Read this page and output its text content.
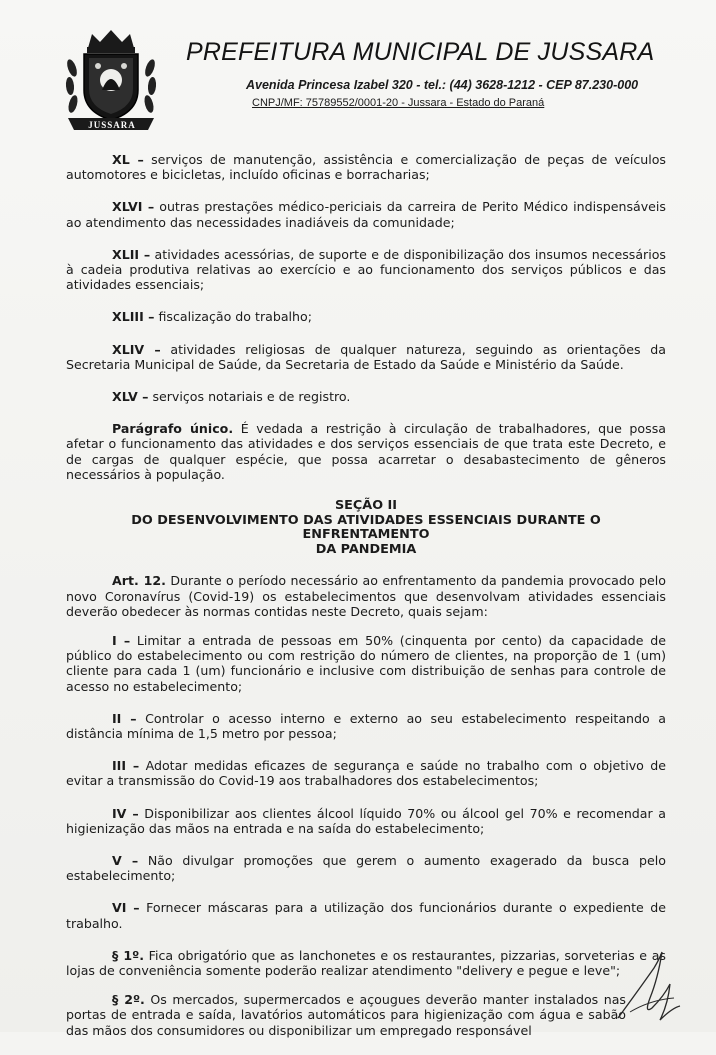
JUSSARA
PREFEITURA MUNICIPAL DE JUSSARA
Avenida Princesa Izabel 320 - tel.: (44) 3628-1212 - CEP 87.230-000
CNPJ/MF: 75789552/0001-20 - Jussara - Estado do Paraná

XL – serviços de manutenção, assistência e comercialização de peças de veículos automotores e bicicletas, incluído oficinas e borracharias;

XLVI – outras prestações médico-periciais da carreira de Perito Médico indispensáveis ao atendimento das necessidades inadiáveis da comunidade;

XLII – atividades acessórias, de suporte e de disponibilização dos insumos necessários à cadeia produtiva relativas ao exercício e ao funcionamento dos serviços públicos e das atividades essenciais;

XLIII – fiscalização do trabalho;

XLIV – atividades religiosas de qualquer natureza, seguindo as orientações da Secretaria Municipal de Saúde, da Secretaria de Estado da Saúde e Ministério da Saúde.

XLV – serviços notariais e de registro.

Parágrafo único. É vedada a restrição à circulação de trabalhadores, que possa afetar o funcionamento das atividades e dos serviços essenciais de que trata este Decreto, e de cargas de qualquer espécie, que possa acarretar o desabastecimento de gêneros necessários à população.

SEÇÃO II
DO DESENVOLVIMENTO DAS ATIVIDADES ESSENCIAIS DURANTE O ENFRENTAMENTO
DA PANDEMIA

Art. 12. Durante o período necessário ao enfrentamento da pandemia provocado pelo novo Coronavírus (Covid-19) os estabelecimentos que desenvolvam atividades essenciais deverão obedecer às normas contidas neste Decreto, quais sejam:

I – Limitar a entrada de pessoas em 50% (cinquenta por cento) da capacidade de público do estabelecimento ou com restrição do número de clientes, na proporção de 1 (um) cliente para cada 1 (um) funcionário e inclusive com distribuição de senhas para controle de acesso no estabelecimento;

II – Controlar o acesso interno e externo ao seu estabelecimento respeitando a distância mínima de 1,5 metro por pessoa;

III – Adotar medidas eficazes de segurança e saúde no trabalho com o objetivo de evitar a transmissão do Covid-19 aos trabalhadores dos estabelecimentos;

IV – Disponibilizar aos clientes álcool líquido 70% ou álcool gel 70% e recomendar a higienização das mãos na entrada e na saída do estabelecimento;

V – Não divulgar promoções que gerem o aumento exagerado da busca pelo estabelecimento;

VI – Fornecer máscaras para a utilização dos funcionários durante o expediente de trabalho.

§ 1º. Fica obrigatório que as lanchonetes e os restaurantes, pizzarias, sorveterias e as lojas de conveniência somente poderão realizar atendimento "delivery e pegue e leve";

§ 2º. Os mercados, supermercados e açougues deverão manter instalados nas portas de entrada e saída, lavatórios automáticos para higienização com água e sabão das mãos dos consumidores ou disponibilizar um empregado responsável
